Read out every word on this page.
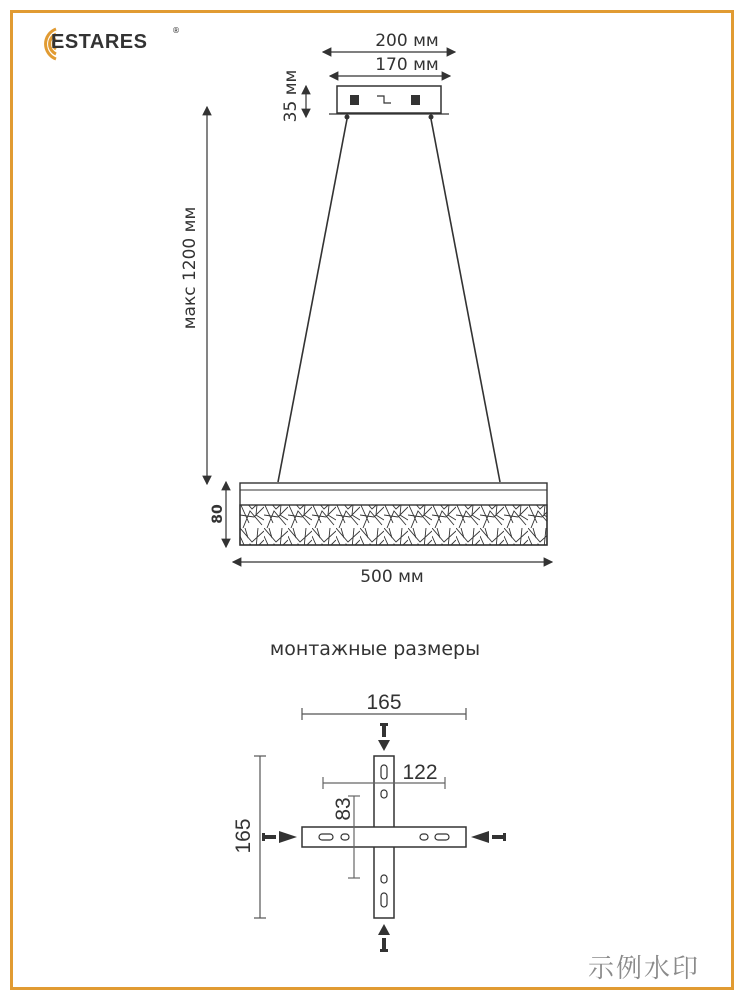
ESTARES
®
200 мм
170 мм
35 мм
макс 1200 мм
80
500 мм
монтажные размеры
165
165
122
83
示例水印
